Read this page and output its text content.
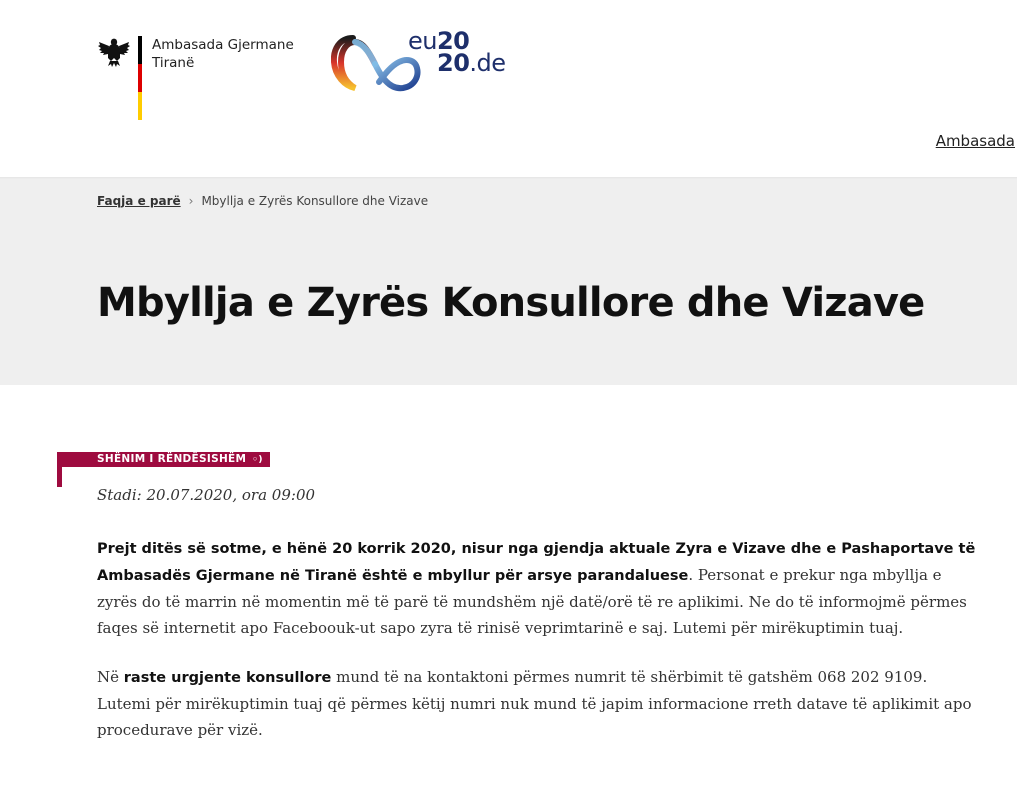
Ambasada Gjermane
Tiranë
eu20
20.de
Ambasada
Faqja e parë › Mbyllja e Zyrës Konsullore dhe Vizave
Mbyllja e Zyrës Konsullore dhe Vizave
SHËNIM I RËNDËSISHËM ◦)
Stadi: 20.07.2020, ora 09:00

Prejt ditës së sotme, e hënë 20 korrik 2020, nisur nga gjendja aktuale Zyra e Vizave dhe e Pashaportave të Ambasadës Gjermane në Tiranë është e mbyllur për arsye parandaluese. Personat e prekur nga mbyllja e zyrës do të marrin në momentin më të parë të mundshëm një datë/orë të re aplikimi. Ne do të informojmë përmes faqes së internetit apo Faceboouk-ut sapo zyra të rinisë veprimtarinë e saj. Lutemi për mirëkuptimin tuaj.

Në raste urgjente konsullore mund të na kontaktoni përmes numrit të shërbimit të gatshëm 068 202 9109. Lutemi për mirëkuptimin tuaj që përmes këtij numri nuk mund të japim informacione rreth datave të aplikimit apo procedurave për vizë.
